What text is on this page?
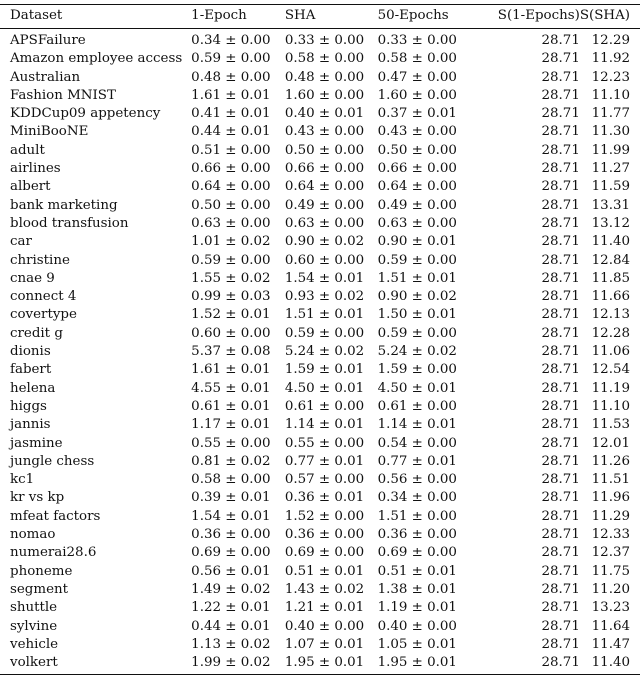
Dataset	1-Epoch	SHA	50-Epochs	S(1-Epochs)	S(SHA)
APSFailure	0.34 ± 0.00	0.33 ± 0.00	0.33 ± 0.00	28.71	12.29
Amazon employee access	0.59 ± 0.00	0.58 ± 0.00	0.58 ± 0.00	28.71	11.92
Australian	0.48 ± 0.00	0.48 ± 0.00	0.47 ± 0.00	28.71	12.23
Fashion MNIST	1.61 ± 0.01	1.60 ± 0.00	1.60 ± 0.00	28.71	11.10
KDDCup09 appetency	0.41 ± 0.01	0.40 ± 0.01	0.37 ± 0.01	28.71	11.77
MiniBooNE	0.44 ± 0.01	0.43 ± 0.00	0.43 ± 0.00	28.71	11.30
adult	0.51 ± 0.00	0.50 ± 0.00	0.50 ± 0.00	28.71	11.99
airlines	0.66 ± 0.00	0.66 ± 0.00	0.66 ± 0.00	28.71	11.27
albert	0.64 ± 0.00	0.64 ± 0.00	0.64 ± 0.00	28.71	11.59
bank marketing	0.50 ± 0.00	0.49 ± 0.00	0.49 ± 0.00	28.71	13.31
blood transfusion	0.63 ± 0.00	0.63 ± 0.00	0.63 ± 0.00	28.71	13.12
car	1.01 ± 0.02	0.90 ± 0.02	0.90 ± 0.01	28.71	11.40
christine	0.59 ± 0.00	0.60 ± 0.00	0.59 ± 0.00	28.71	12.84
cnae 9	1.55 ± 0.02	1.54 ± 0.01	1.51 ± 0.01	28.71	11.85
connect 4	0.99 ± 0.03	0.93 ± 0.02	0.90 ± 0.02	28.71	11.66
covertype	1.52 ± 0.01	1.51 ± 0.01	1.50 ± 0.01	28.71	12.13
credit g	0.60 ± 0.00	0.59 ± 0.00	0.59 ± 0.00	28.71	12.28
dionis	5.37 ± 0.08	5.24 ± 0.02	5.24 ± 0.02	28.71	11.06
fabert	1.61 ± 0.01	1.59 ± 0.01	1.59 ± 0.00	28.71	12.54
helena	4.55 ± 0.01	4.50 ± 0.01	4.50 ± 0.01	28.71	11.19
higgs	0.61 ± 0.01	0.61 ± 0.00	0.61 ± 0.00	28.71	11.10
jannis	1.17 ± 0.01	1.14 ± 0.01	1.14 ± 0.01	28.71	11.53
jasmine	0.55 ± 0.00	0.55 ± 0.00	0.54 ± 0.00	28.71	12.01
jungle chess	0.81 ± 0.02	0.77 ± 0.01	0.77 ± 0.01	28.71	11.26
kc1	0.58 ± 0.00	0.57 ± 0.00	0.56 ± 0.00	28.71	11.51
kr vs kp	0.39 ± 0.01	0.36 ± 0.01	0.34 ± 0.00	28.71	11.96
mfeat factors	1.54 ± 0.01	1.52 ± 0.00	1.51 ± 0.00	28.71	11.29
nomao	0.36 ± 0.00	0.36 ± 0.00	0.36 ± 0.00	28.71	12.33
numerai28.6	0.69 ± 0.00	0.69 ± 0.00	0.69 ± 0.00	28.71	12.37
phoneme	0.56 ± 0.01	0.51 ± 0.01	0.51 ± 0.01	28.71	11.75
segment	1.49 ± 0.02	1.43 ± 0.02	1.38 ± 0.01	28.71	11.20
shuttle	1.22 ± 0.01	1.21 ± 0.01	1.19 ± 0.01	28.71	13.23
sylvine	0.44 ± 0.01	0.40 ± 0.00	0.40 ± 0.00	28.71	11.64
vehicle	1.13 ± 0.02	1.07 ± 0.01	1.05 ± 0.01	28.71	11.47
volkert	1.99 ± 0.02	1.95 ± 0.01	1.95 ± 0.01	28.71	11.40
